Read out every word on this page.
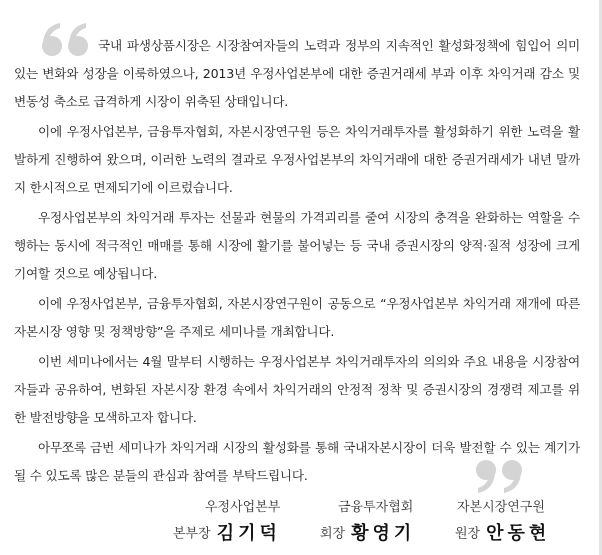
국내 파생상품시장은 시장참여자들의 노력과 정부의 지속적인 활성화정책에 힘입어 의미 있는 변화와 성장을 이룩하였으나, 2013년 우정사업본부에 대한 증권거래세 부과 이후 차익거래 감소 및 변동성 축소로 급격하게 시장이 위축된 상태입니다.

이에 우정사업본부, 금융투자협회, 자본시장연구원 등은 차익거래투자를 활성화하기 위한 노력을 활발하게 진행하여 왔으며, 이러한 노력의 결과로 우정사업본부의 차익거래에 대한 증권거래세가 내년 말까지 한시적으로 면제되기에 이르렀습니다.

우정사업본부의 차익거래 투자는 선물과 현물의 가격괴리를 줄여 시장의 충격을 완화하는 역할을 수행하는 동시에 적극적인 매매를 통해 시장에 활기를 불어넣는 등 국내 증권시장의 양적·질적 성장에 크게 기여할 것으로 예상됩니다.

이에 우정사업본부, 금융투자협회, 자본시장연구원이 공동으로 “우정사업본부 차익거래 재개에 따른 자본시장 영향 및 정책방향”을 주제로 세미나를 개최합니다.

이번 세미나에서는 4월 말부터 시행하는 우정사업본부 차익거래투자의 의의와 주요 내용을 시장참여자들과 공유하여, 변화된 자본시장 환경 속에서 차익거래의 안정적 정착 및 증권시장의 경쟁력 제고를 위한 발전방향을 모색하고자 합니다.

아무쪼록 금번 세미나가 차익거래 시장의 활성화를 통해 국내자본시장이 더욱 발전할 수 있는 계기가 될 수 있도록 많은 분들의 관심과 참여를 부탁드립니다.

우정사업본부	금융투자협회	자본시장연구원
본부장 김기덕	회장 황영기	원장 안동현
